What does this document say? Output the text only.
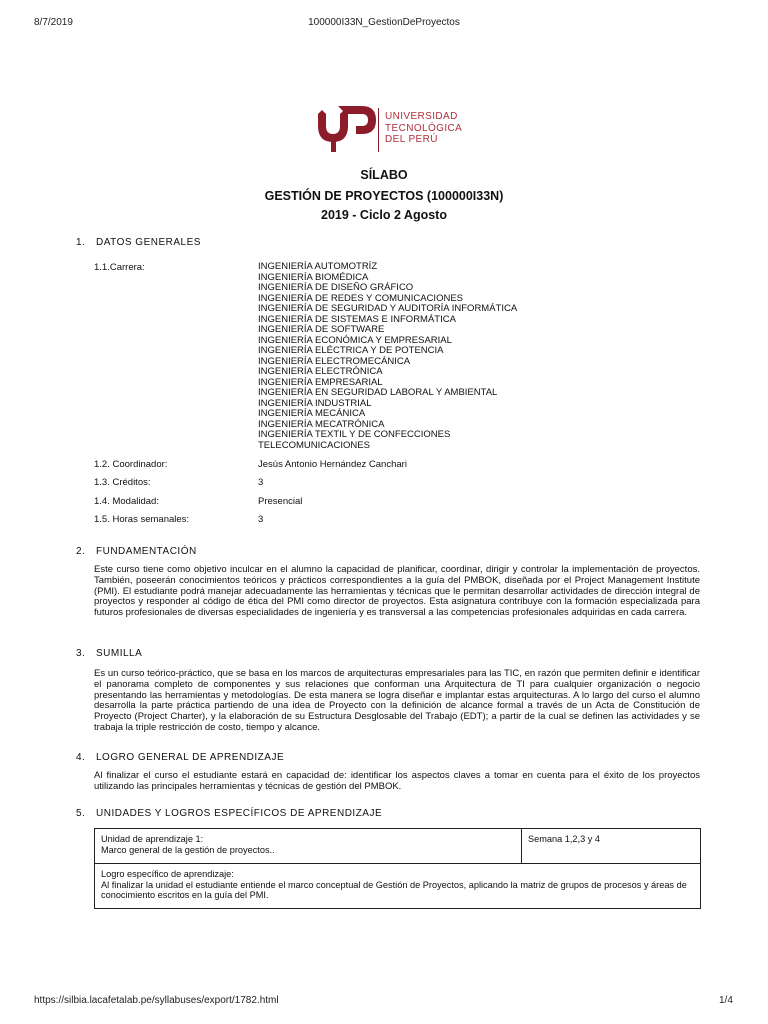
8/7/2019	100000I33N_GestionDeProyectos
UNIVERSIDAD
TECNOLÓGICA
DEL PERÚ
SÍLABO
GESTIÓN DE PROYECTOS (100000I33N)
2019 - Ciclo 2 Agosto
1. DATOS GENERALES
1.1.Carrera:	INGENIERÍA AUTOMOTRÍZ
INGENIERÍA BIOMÉDICA
INGENIERÍA DE DISEÑO GRÁFICO
INGENIERÍA DE REDES Y COMUNICACIONES
INGENIERÍA DE SEGURIDAD Y AUDITORÍA INFORMÁTICA
INGENIERÍA DE SISTEMAS E INFORMÁTICA
INGENIERÍA DE SOFTWARE
INGENIERÍA ECONÓMICA Y EMPRESARIAL
INGENIERÍA ELÉCTRICA Y DE POTENCIA
INGENIERÍA ELECTROMECÁNICA
INGENIERÍA ELECTRÓNICA
INGENIERÍA EMPRESARIAL
INGENIERÍA EN SEGURIDAD LABORAL Y AMBIENTAL
INGENIERÍA INDUSTRIAL
INGENIERÍA MECÁNICA
INGENIERÍA MECATRÓNICA
INGENIERÍA TEXTIL Y DE CONFECCIONES
TELECOMUNICACIONES
1.2. Coordinador:	Jesús Antonio Hernández Canchari
1.3. Créditos:	3
1.4. Modalidad:	Presencial
1.5. Horas semanales:	3
2. FUNDAMENTACIÓN
Este curso tiene como objetivo inculcar en el alumno la capacidad de planificar, coordinar, dirigir y controlar la implementación de proyectos. También, poseerán conocimientos teóricos y prácticos correspondientes a la guía del PMBOK, diseñada por el Project Management Institute (PMI). El estudiante podrá manejar adecuadamente las herramientas y técnicas que le permitan desarrollar actividades de dirección integral de proyectos y responder al código de ética del PMI como director de proyectos. Esta asignatura contribuye con la formación especializada para futuros profesionales de diversas especialidades de ingeniería y es transversal a las competencias profesionales adquiridas en cada carrera.
3. SUMILLA
Es un curso teórico-práctico, que se basa en los marcos de arquitecturas empresariales para las TIC, en razón que permiten definir e identificar el panorama completo de componentes y sus relaciones que conforman una Arquitectura de TI para cualquier organización o negocio presentando las herramientas y metodologías. De esta manera se logra diseñar e implantar estas arquitecturas. A lo largo del curso el alumno desarrolla la parte práctica partiendo de una idea de Proyecto con la definición de alcance formal a través de un Acta de Constitución de Proyecto (Project Charter), y la elaboración de su Estructura Desglosable del Trabajo (EDT); a partir de la cual se definen las actividades y se trabaja la triple restricción de costo, tiempo y alcance.
4. LOGRO GENERAL DE APRENDIZAJE
Al finalizar el curso el estudiante estará en capacidad de: identificar los aspectos claves a tomar en cuenta para el éxito de los proyectos utilizando las principales herramientas y técnicas de gestión del PMBOK.
5. UNIDADES Y LOGROS ESPECÍFICOS DE APRENDIZAJE
Unidad de aprendizaje 1:
Marco general de la gestión de proyectos..
	Semana 1,2,3 y 4

Logro específico de aprendizaje:
Al finalizar la unidad el estudiante entiende el marco conceptual de Gestión de Proyectos, aplicando la matriz de grupos de procesos y áreas de conocimiento escritos en la guía del PMI.
https://silbia.lacafetalab.pe/syllabuses/export/1782.html	1/4
